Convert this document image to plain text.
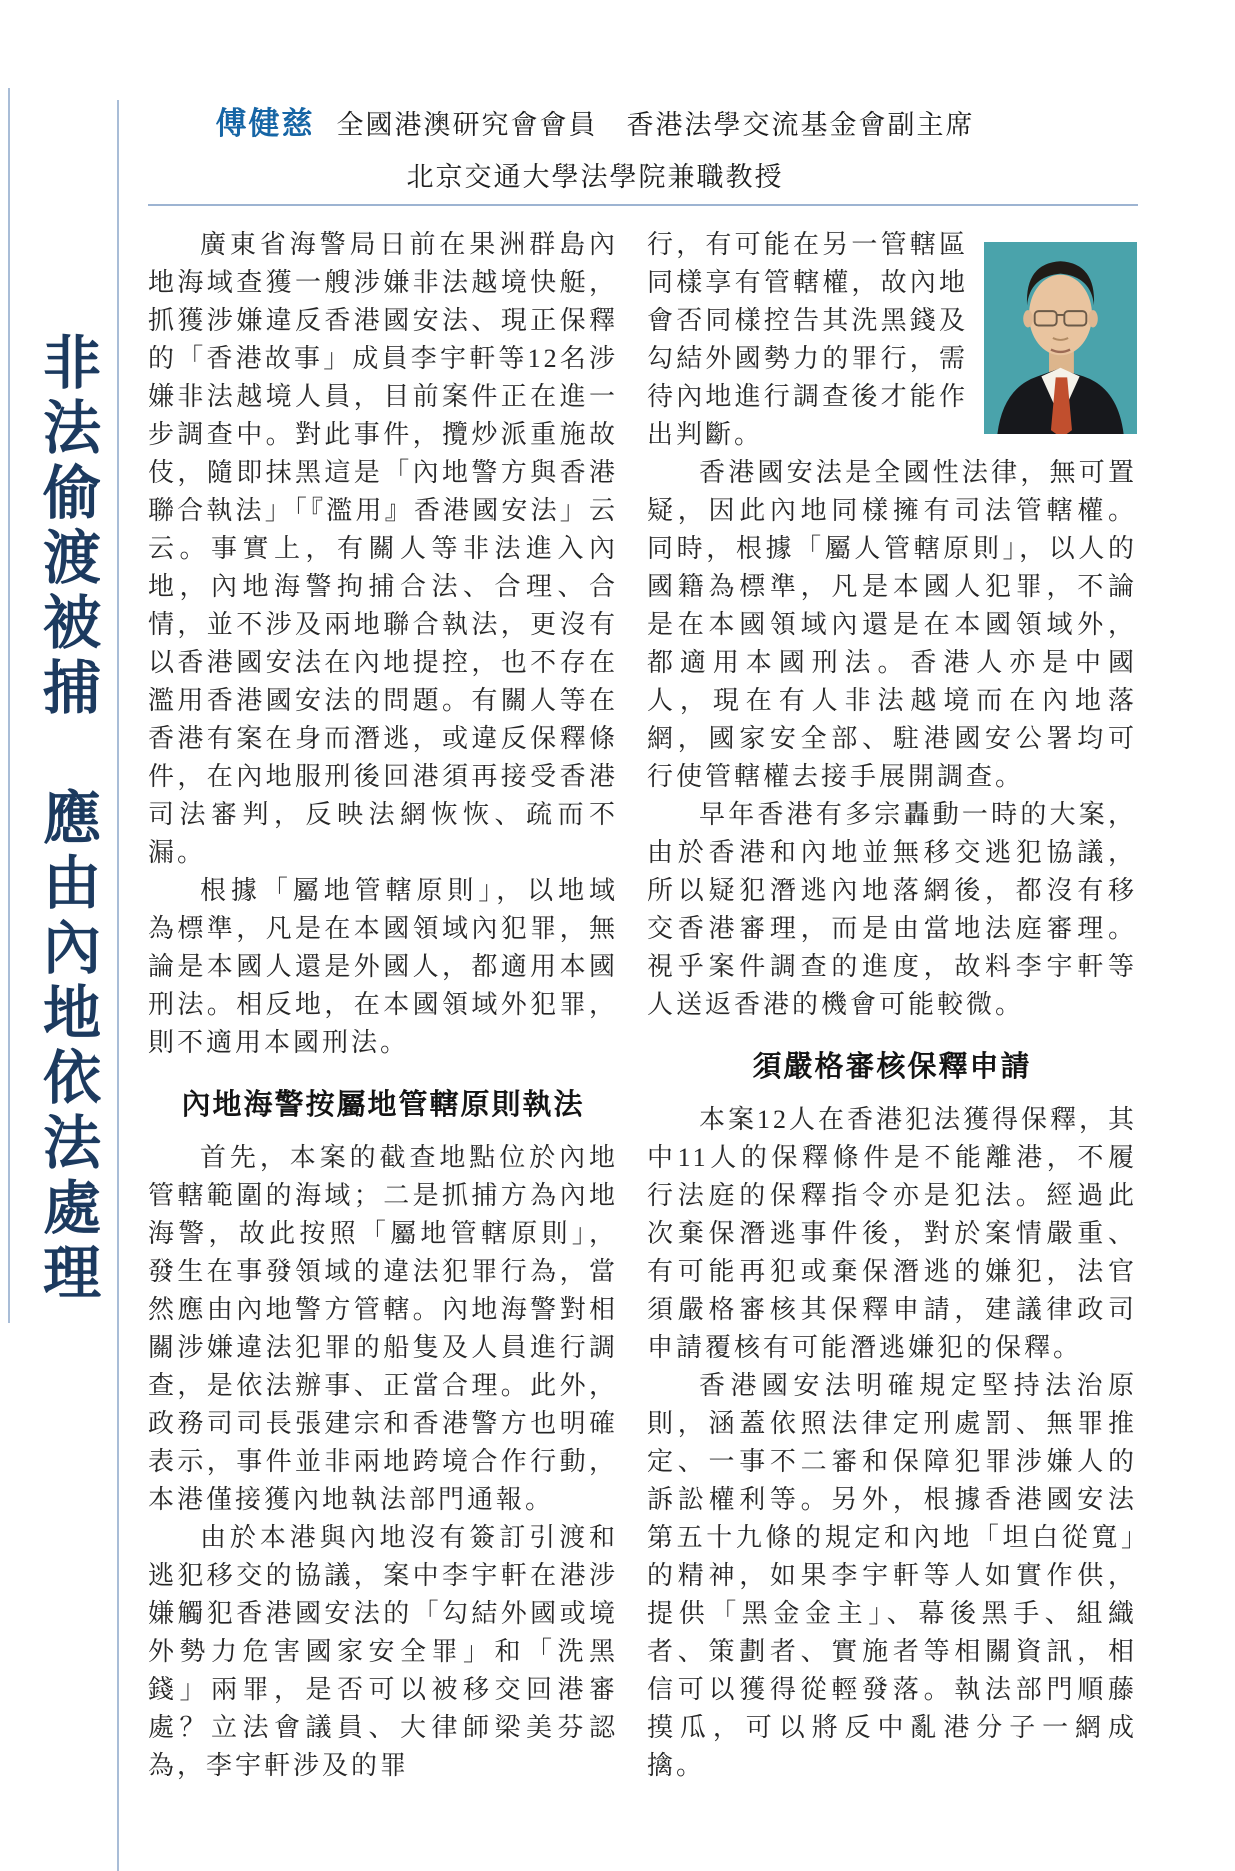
傅健慈 全國港澳研究會會員　香港法學交流基金會副主席
北京交通大學法學院兼職教授
非法偷渡被捕　應由內地依法處理

廣東省海警局日前在果洲群島內地海域查獲一艘涉嫌非法越境快艇，抓獲涉嫌違反香港國安法、現正保釋的「香港故事」成員李宇軒等12名涉嫌非法越境人員，目前案件正在進一步調查中。對此事件，攬炒派重施故伎，隨即抹黑這是「內地警方與香港聯合執法」「『濫用』香港國安法」云云。事實上，有關人等非法進入內地，內地海警拘捕合法、合理、合情，並不涉及兩地聯合執法，更沒有以香港國安法在內地提控，也不存在濫用香港國安法的問題。有關人等在香港有案在身而潛逃，或違反保釋條件，在內地服刑後回港須再接受香港司法審判，反映法網恢恢、疏而不漏。

根據「屬地管轄原則」，以地域為標準，凡是在本國領域內犯罪，無論是本國人還是外國人，都適用本國刑法。相反地，在本國領域外犯罪，則不適用本國刑法。

內地海警按屬地管轄原則執法

首先，本案的截查地點位於內地管轄範圍的海域；二是抓捕方為內地海警，故此按照「屬地管轄原則」，發生在事發領域的違法犯罪行為，當然應由內地警方管轄。內地海警對相關涉嫌違法犯罪的船隻及人員進行調查，是依法辦事、正當合理。此外，政務司司長張建宗和香港警方也明確表示，事件並非兩地跨境合作行動，本港僅接獲內地執法部門通報。

由於本港與內地沒有簽訂引渡和逃犯移交的協議，案中李宇軒在港涉嫌觸犯香港國安法的「勾結外國或境外勢力危害國家安全罪」和「洗黑錢」兩罪，是否可以被移交回港審處？立法會議員、大律師梁美芬認為，李宇軒涉及的罪

行，有可能在另一管轄區同樣享有管轄權，故內地會否同樣控告其洗黑錢及勾結外國勢力的罪行，需待內地進行調查後才能作出判斷。

香港國安法是全國性法律，無可置疑，因此內地同樣擁有司法管轄權。同時，根據「屬人管轄原則」，以人的國籍為標準，凡是本國人犯罪，不論是在本國領域內還是在本國領域外，都適用本國刑法。香港人亦是中國人，現在有人非法越境而在內地落網，國家安全部、駐港國安公署均可行使管轄權去接手展開調查。

早年香港有多宗轟動一時的大案，由於香港和內地並無移交逃犯協議，所以疑犯潛逃內地落網後，都沒有移交香港審理，而是由當地法庭審理。視乎案件調查的進度，故料李宇軒等人送返香港的機會可能較微。

須嚴格審核保釋申請

本案12人在香港犯法獲得保釋，其中11人的保釋條件是不能離港，不履行法庭的保釋指令亦是犯法。經過此次棄保潛逃事件後，對於案情嚴重、有可能再犯或棄保潛逃的嫌犯，法官須嚴格審核其保釋申請，建議律政司申請覆核有可能潛逃嫌犯的保釋。

香港國安法明確規定堅持法治原則，涵蓋依照法律定刑處罰、無罪推定、一事不二審和保障犯罪涉嫌人的訴訟權利等。另外，根據香港國安法第五十九條的規定和內地「坦白從寬」的精神，如果李宇軒等人如實作供，提供「黑金金主」、幕後黑手、組織者、策劃者、實施者等相關資訊，相信可以獲得從輕發落。執法部門順藤摸瓜，可以將反中亂港分子一網成擒。
